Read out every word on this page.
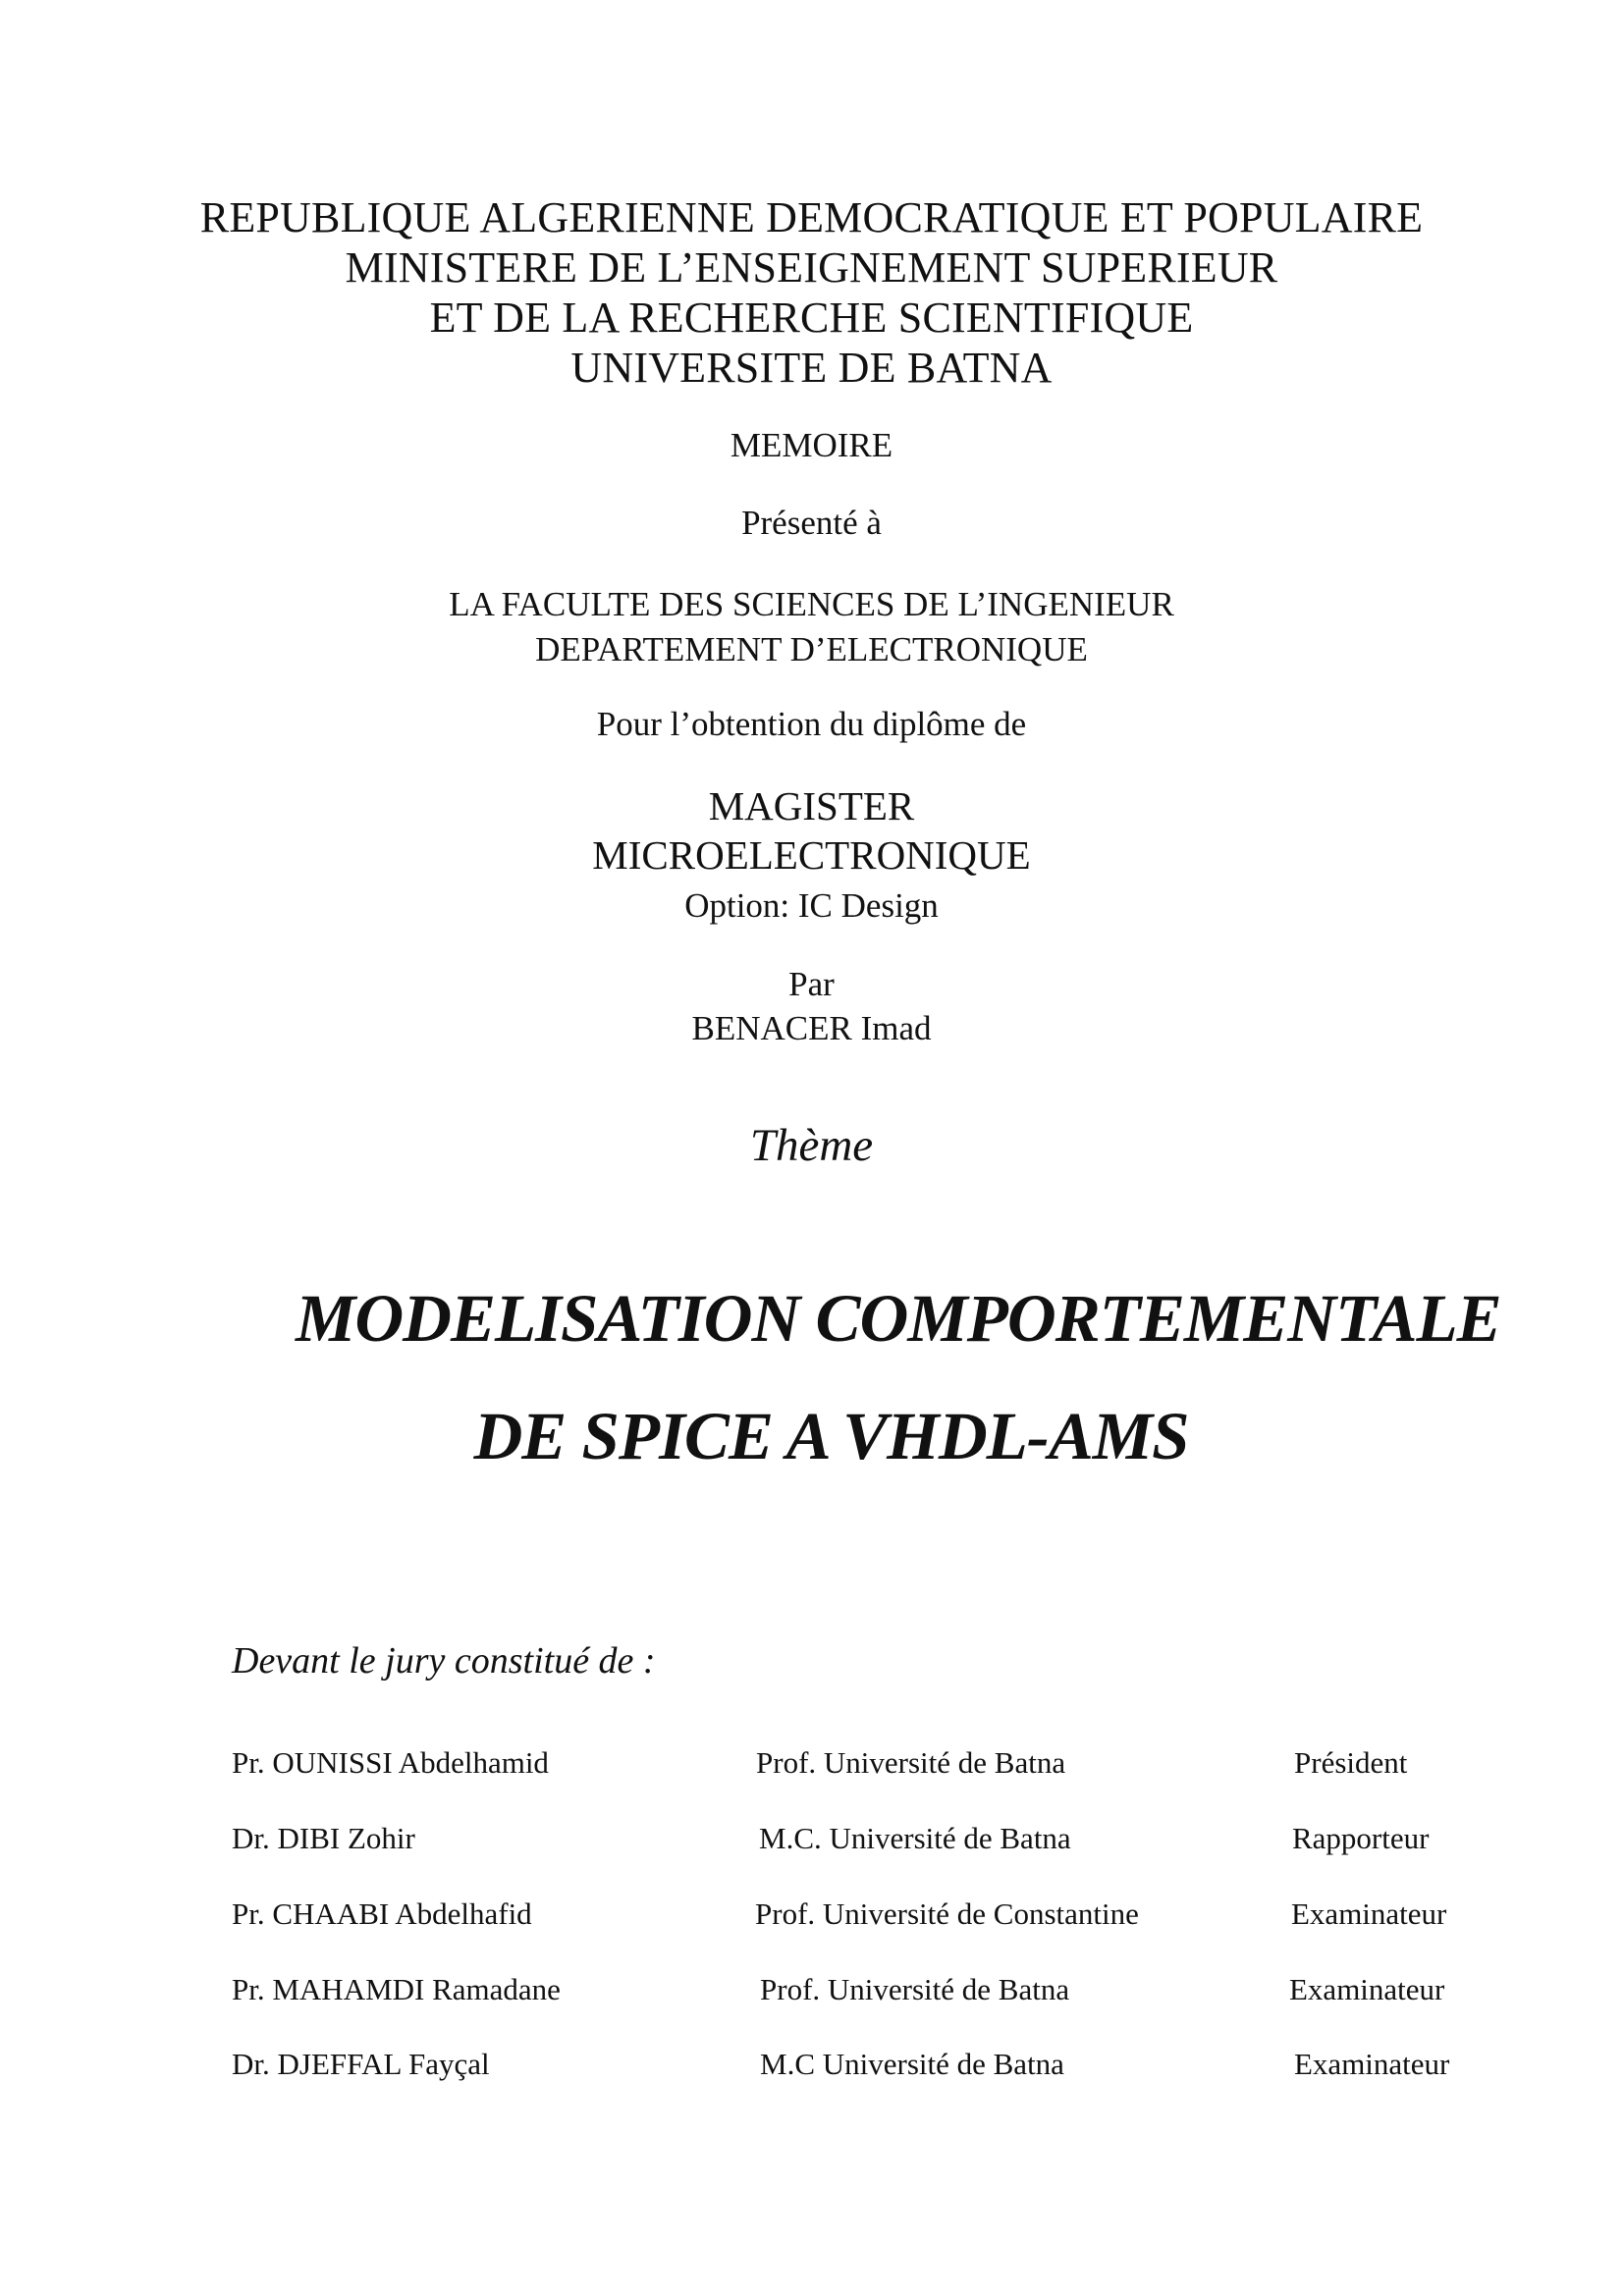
REPUBLIQUE ALGERIENNE DEMOCRATIQUE ET POPULAIRE
MINISTERE DE L’ENSEIGNEMENT SUPERIEUR
ET DE LA RECHERCHE SCIENTIFIQUE
UNIVERSITE DE BATNA
MEMOIRE
Présenté à
LA FACULTE DES SCIENCES DE L’INGENIEUR
DEPARTEMENT D’ELECTRONIQUE
Pour l’obtention du diplôme de
MAGISTER
MICROELECTRONIQUE
Option: IC Design
Par
BENACER Imad
Thème
MODELISATION COMPORTEMENTALE
DE SPICE A VHDL-AMS
Devant le jury constitué de :
Pr. OUNISSI Abdelhamid	Prof. Université de Batna	Président
Dr. DIBI Zohir	M.C. Université de Batna	Rapporteur
Pr. CHAABI Abdelhafid	Prof. Université de Constantine	Examinateur
Pr. MAHAMDI Ramadane	Prof. Université de Batna	Examinateur
Dr. DJEFFAL Fayçal	M.C Université de Batna	Examinateur
